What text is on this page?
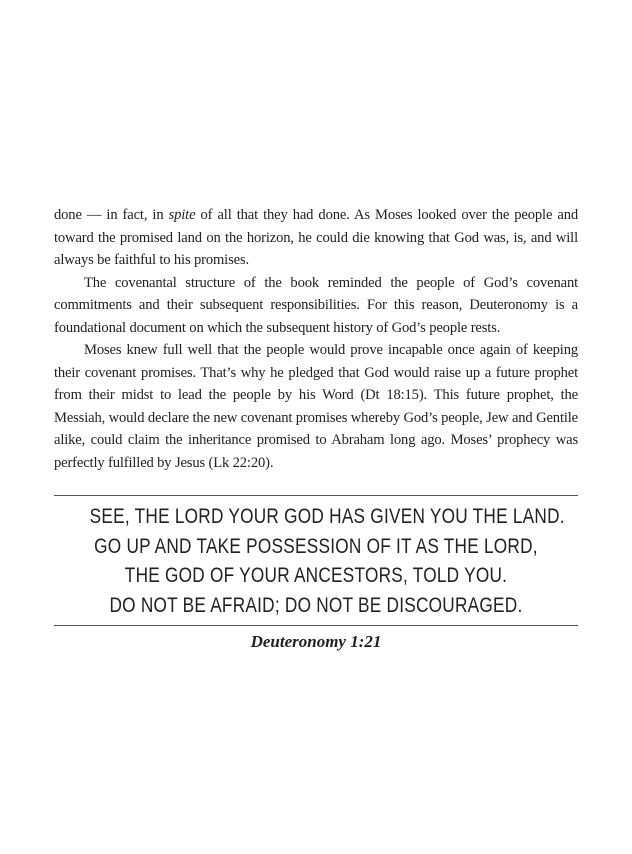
done — in fact, in spite of all that they had done. As Moses looked over the people and toward the promised land on the horizon, he could die knowing that God was, is, and will always be faithful to his promises.

The covenantal structure of the book reminded the people of God’s covenant commitments and their subsequent responsibilities. For this reason, Deuteronomy is a foundational document on which the subsequent history of God’s people rests.

Moses knew full well that the people would prove incapable once again of keeping their covenant promises. That’s why he pledged that God would raise up a future prophet from their midst to lead the people by his Word (Dt 18:15). This future prophet, the Messiah, would declare the new covenant promises whereby God’s people, Jew and Gentile alike, could claim the inheritance promised to Abraham long ago. Moses’ prophecy was perfectly fulfilled by Jesus (Lk 22:20).

SEE, THE LORD YOUR GOD HAS GIVEN YOU THE LAND.
GO UP AND TAKE POSSESSION OF IT AS THE LORD,
THE GOD OF YOUR ANCESTORS, TOLD YOU.
DO NOT BE AFRAID; DO NOT BE DISCOURAGED.
Deuteronomy 1:21
